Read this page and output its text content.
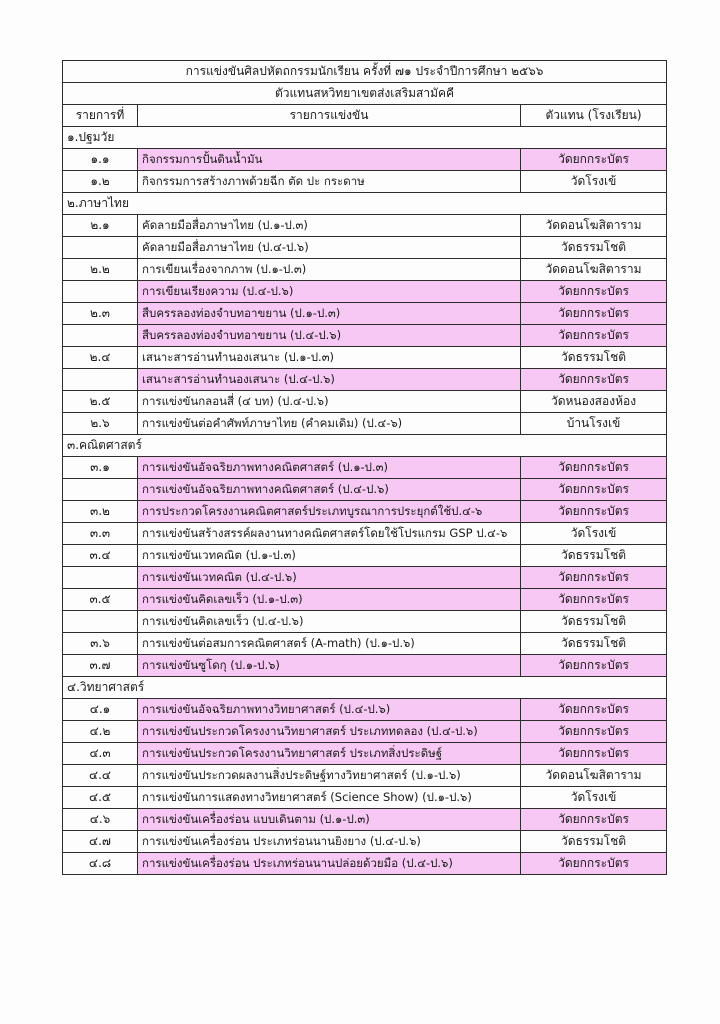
การแข่งขันศิลปหัตถกรรมนักเรียน ครั้งที่ ๗๑ ประจำปีการศึกษา ๒๕๖๖		
ตัวแทนสหวิทยาเขตส่งเสริมสามัคคี		
รายการที่	รายการแข่งขัน	ตัวแทน (โรงเรียน)
๑.ปฐมวัย		
๑.๑	กิจกรรมการปั้นดินน้ำมัน	วัดยกกระบัตร
๑.๒	กิจกรรมการสร้างภาพด้วยฉีก ตัด ปะ กระดาษ	วัดโรงเข้
๒.ภาษาไทย		
๒.๑	คัดลายมือสื่อภาษาไทย (ป.๑-ป.๓)	วัดดอนโฆสิตาราม
	คัดลายมือสื่อภาษาไทย (ป.๔-ป.๖)	วัดธรรมโชติ
๒.๒	การเขียนเรื่องจากภาพ (ป.๑-ป.๓)	วัดดอนโฆสิตาราม
	การเขียนเรียงความ (ป.๔-ป.๖)	วัดยกกระบัตร
๒.๓	สืบครรลองท่องจำบทอาขยาน (ป.๑-ป.๓)	วัดยกกระบัตร
	สืบครรลองท่องจำบทอาขยาน (ป.๔-ป.๖)	วัดยกกระบัตร
๒.๔	เสนาะสารอ่านทำนองเสนาะ (ป.๑-ป.๓)	วัดธรรมโชติ
	เสนาะสารอ่านทำนองเสนาะ (ป.๔-ป.๖)	วัดยกกระบัตร
๒.๕	การแข่งขันกลอนสี่ (๔ บท) (ป.๔-ป.๖)	วัดหนองสองห้อง
๒.๖	การแข่งขันต่อคำศัพท์ภาษาไทย (คำคมเดิม) (ป.๔-๖)	บ้านโรงเข้
๓.คณิตศาสตร์		
๓.๑	การแข่งขันอัจฉริยภาพทางคณิตศาสตร์ (ป.๑-ป.๓)	วัดยกกระบัตร
	การแข่งขันอัจฉริยภาพทางคณิตศาสตร์ (ป.๔-ป.๖)	วัดยกกระบัตร
๓.๒	การประกวดโครงงานคณิตศาสตร์ประเภทบูรณาการประยุกต์ใช้ป.๔-๖	วัดยกกระบัตร
๓.๓	การแข่งขันสร้างสรรค์ผลงานทางคณิตศาสตร์โดยใช้โปรแกรม GSP ป.๔-๖	วัดโรงเข้
๓.๔	การแข่งขันเวทคณิต (ป.๑-ป.๓)	วัดธรรมโชติ
	การแข่งขันเวทคณิต (ป.๔-ป.๖)	วัดยกกระบัตร
๓.๕	การแข่งขันคิดเลขเร็ว (ป.๑-ป.๓)	วัดยกกระบัตร
	การแข่งขันคิดเลขเร็ว (ป.๔-ป.๖)	วัดธรรมโชติ
๓.๖	การแข่งขันต่อสมการคณิตศาสตร์ (A-math) (ป.๑-ป.๖)	วัดธรรมโชติ
๓.๗	การแข่งขันซูโดกุ (ป.๑-ป.๖)	วัดยกกระบัตร
๔.วิทยาศาสตร์		
๔.๑	การแข่งขันอัจฉริยภาพทางวิทยาศาสตร์ (ป.๔-ป.๖)	วัดยกกระบัตร
๔.๒	การแข่งขันประกวดโครงงานวิทยาศาสตร์ ประเภททดลอง (ป.๔-ป.๖)	วัดยกกระบัตร
๔.๓	การแข่งขันประกวดโครงงานวิทยาศาสตร์ ประเภทสิ่งประดิษฐ์	วัดยกกระบัตร
๔.๔	การแข่งขันประกวดผลงานสิ่งประดิษฐ์ทางวิทยาศาสตร์ (ป.๑-ป.๖)	วัดดอนโฆสิตาราม
๔.๕	การแข่งขันการแสดงทางวิทยาศาสตร์ (Science Show) (ป.๑-ป.๖)	วัดโรงเข้
๔.๖	การแข่งขันเครื่องร่อน แบบเดินตาม (ป.๑-ป.๓)	วัดยกกระบัตร
๔.๗	การแข่งขันเครื่องร่อน ประเภทร่อนนานยิงยาง (ป.๔-ป.๖)	วัดธรรมโชติ
๔.๘	การแข่งขันเครื่องร่อน ประเภทร่อนนานปล่อยด้วยมือ (ป.๔-ป.๖)	วัดยกกระบัตร
